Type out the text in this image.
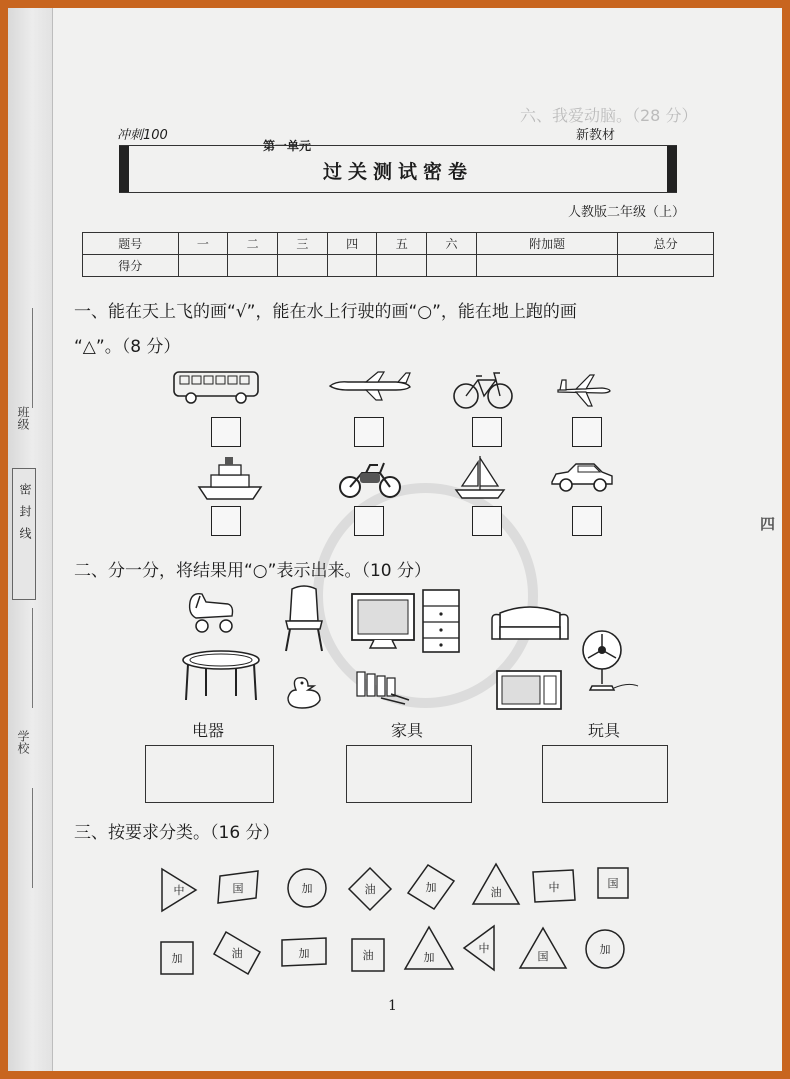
班级
学校
密封线
六、我爱动脑。（28 分）
四
冲刺100
第一单元
新教材
过关测试密卷
人教版二年级（上）
题号	一	二	三	四	五	六	附加题	总分
得分								
一、能在天上飞的画“√”，能在水上行驶的画“○”，能在地上跑的画
“△”。（8 分）
二、分一分，将结果用“○”表示出来。（10 分）
电器	家具	玩具
三、按要求分类。（16 分）
中	国	加	油	加	油	中	国
加	油	加	油	加
中
国
加
1
